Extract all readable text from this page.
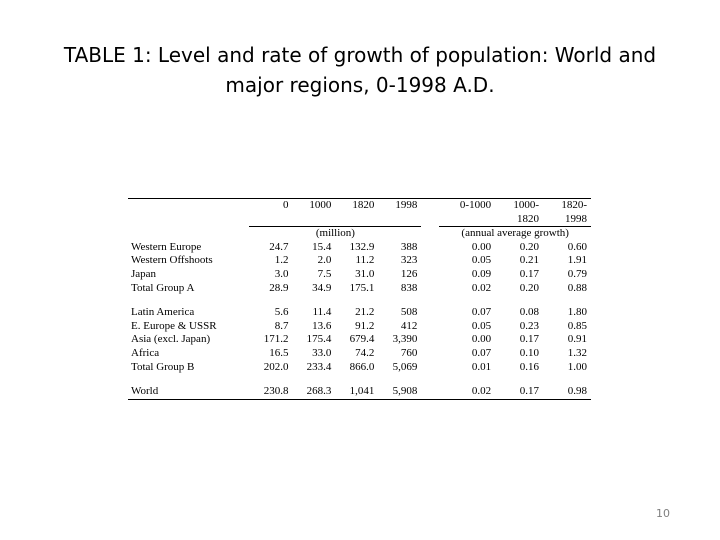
TABLE 1: Level and rate of growth of population: World and
major regions, 0-1998 A.D.
	0	1000	1820	1998		0-1000	1000-	1820-
							1820	1998
	(million)					(annual average growth)		
Western Europe	24.7	15.4	132.9	388		0.00	0.20	0.60
Western Offshoots	1.2	2.0	11.2	323		0.05	0.21	1.91
Japan	3.0	7.5	31.0	126		0.09	0.17	0.79
Total Group A	28.9	34.9	175.1	838		0.02	0.20	0.88

Latin America	5.6	11.4	21.2	508		0.07	0.08	1.80
E. Europe & USSR	8.7	13.6	91.2	412		0.05	0.23	0.85
Asia (excl. Japan)	171.2	175.4	679.4	3,390		0.00	0.17	0.91
Africa	16.5	33.0	74.2	760		0.07	0.10	1.32
Total Group B	202.0	233.4	866.0	5,069		0.01	0.16	1.00

World	230.8	268.3	1,041	5,908		0.02	0.17	0.98
10
